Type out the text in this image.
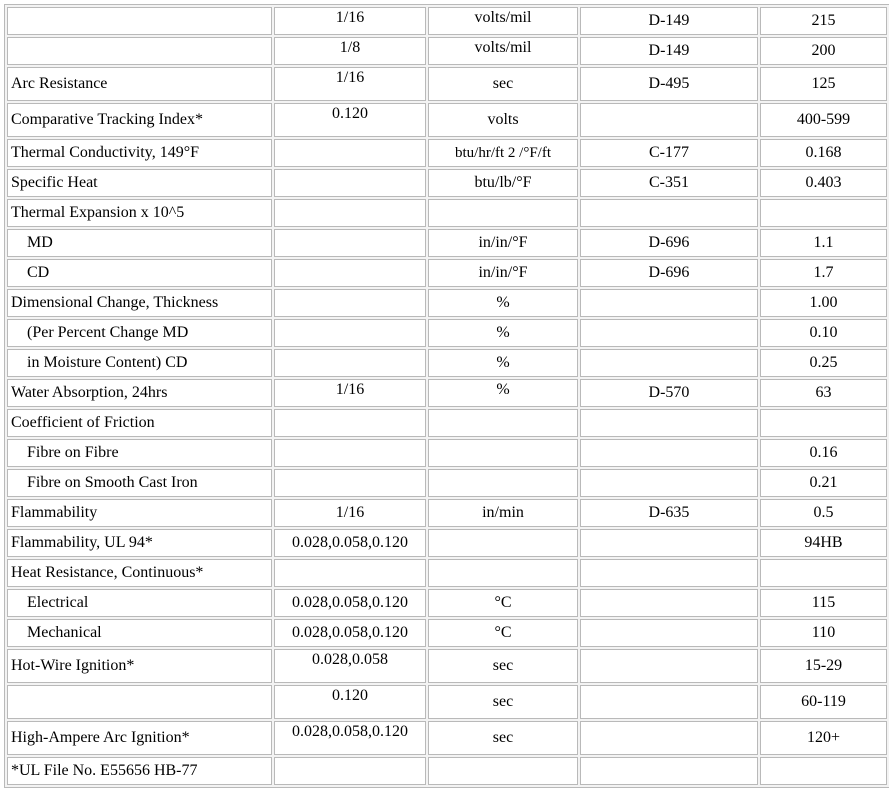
	1/16	volts/mil	D-149	215
	1/8	volts/mil	D-149	200
Arc Resistance	1/16	sec	D-495	125
Comparative Tracking Index*	0.120	volts		400-599
Thermal Conductivity, 149°F		btu/hr/ft 2 /°F/ft	C-177	0.168
Specific Heat		btu/lb/°F	C-351	0.403
Thermal Expansion x 10^5				
MD		in/in/°F	D-696	1.1
CD		in/in/°F	D-696	1.7
Dimensional Change, Thickness		%		1.00
(Per Percent Change MD		%		0.10
in Moisture Content) CD		%		0.25
Water Absorption, 24hrs	1/16	%	D-570	63
Coefficient of Friction				
Fibre on Fibre				0.16
Fibre on Smooth Cast Iron				0.21
Flammability	1/16	in/min	D-635	0.5
Flammability, UL 94*	0.028,0.058,0.120			94HB
Heat Resistance, Continuous*				
Electrical	0.028,0.058,0.120	°C		115
Mechanical	0.028,0.058,0.120	°C		110
Hot-Wire Ignition*	0.028,0.058	sec		15-29
	0.120	sec		60-119
High-Ampere Arc Ignition*	0.028,0.058,0.120	sec		120+
*UL File No. E55656 HB-77				
